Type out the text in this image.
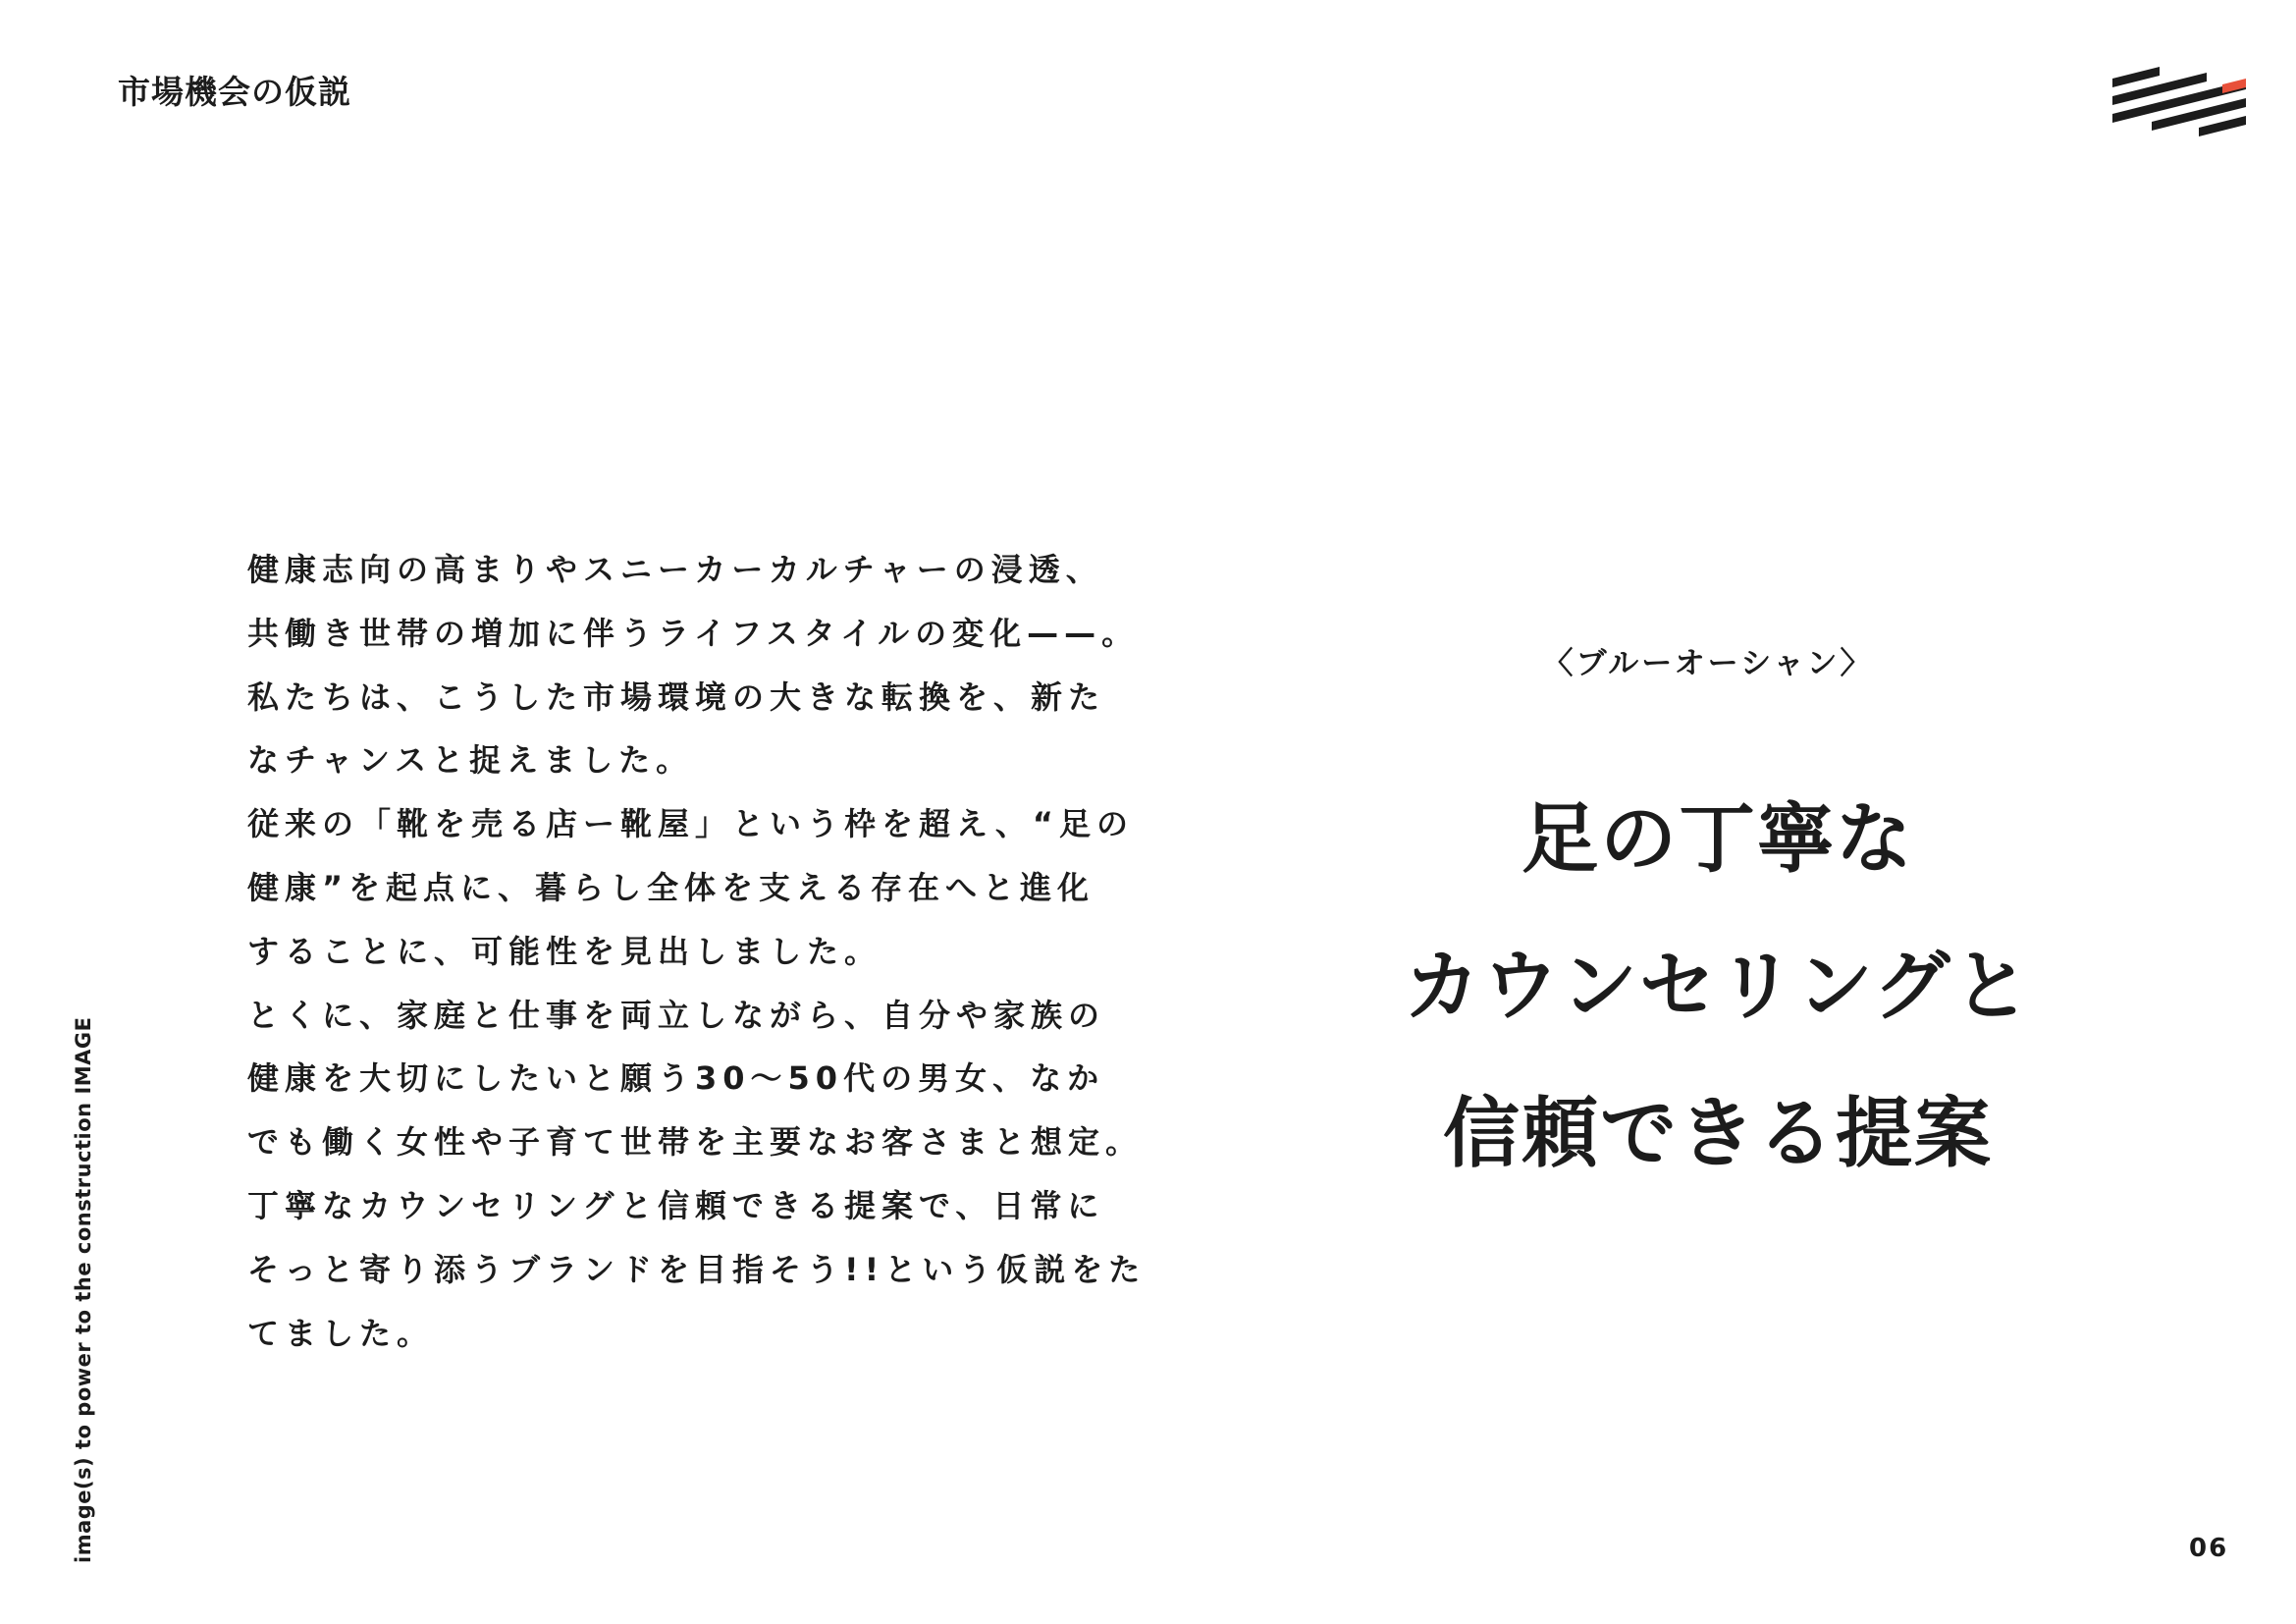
市場機会の仮説
健康志向の高まりやスニーカーカルチャーの浸透、
共働き世帯の増加に伴うライフスタイルの変化——。
私たちは、こうした市場環境の大きな転換を、新た
なチャンスと捉えました。
従来の「靴を売る店ー靴屋」という枠を超え、“足の
健康”を起点に、暮らし全体を支える存在へと進化
することに、可能性を見出しました。
とくに、家庭と仕事を両立しながら、自分や家族の
健康を大切にしたいと願う30〜50代の男女、なか
でも働く女性や子育て世帯を主要なお客さまと想定。
丁寧なカウンセリングと信頼できる提案で、日常に
そっと寄り添うブランドを目指そう!!という仮説をた
てました。
〈ブルーオーシャン〉
足の丁寧な
カウンセリングと
信頼できる提案
image(s) to power to the construction IMAGE	06
